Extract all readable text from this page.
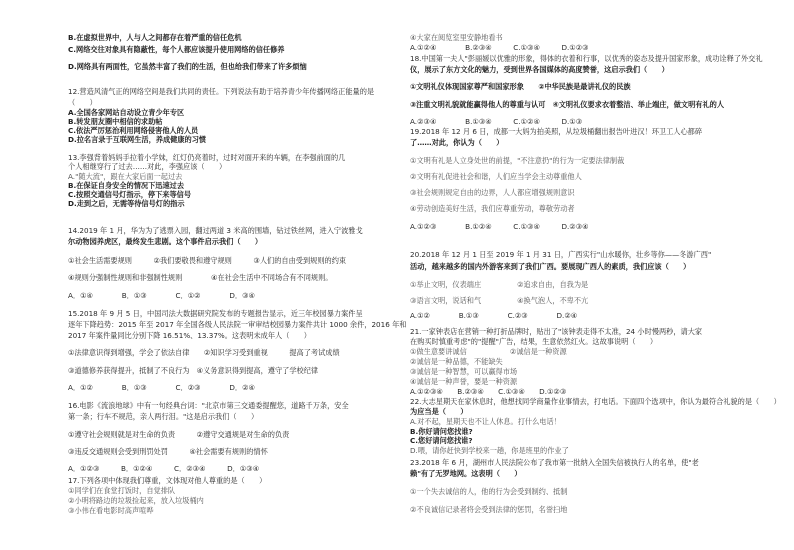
B.在虚拟世界中，人与人之间都存在着严重的信任危机
C.网络交往对象具有隐蔽性，每个人都应该提升使用网络的信任修养
D.网络具有两面性，它虽然丰富了我们的生活，但也给我们带来了许多烦恼
12.营造风清气正的网络空间是我们共同的责任。下列说法有助于培养青少年传播网络正能量的是
（　　）
A.全国各家网站自动设立青少年专区
B.转发朋友圈中相信的求助帖
C.依法严厉惩治利用网络侵害他人的人员
D.拉名言录于互联网生活，养成健康的习惯
13.李强背着妈妈手拉着小学妹，红灯仍亮着时，过时对面开来的车辆，在李强前面的几
个人相继穿行了过去……对此，李强应该（　　）
A."随大流"，跟在大家后面一起过去
B.在保证自身安全的情况下迅速过去
C.按照交通信号灯指示，停下来等信号
D.走到之后，无需等待信号灯的指示
14.2019 年 1 月，华为为了逃票入园，翻过两道 3 米高的围墙，钻过铁丝网，进入宁波雅戈
尔动物园养虎区，最终发生悲剧。这个事件启示我们（　　）
①社会生活需要规则　　　②我们要敬畏和遵守规则　　　③人们的自由受到规则的约束
④规则分强制性规则和非强制性规则　　　　④在社会生活中不同场合有不同规则。
A．①④　　　　B．①③　　　　C．①②　　　　D．③④
15.2018 年 9 月 5 日，中国司法大数据研究院发布的专题报告显示，近三年校园暴力案件呈
逐年下降趋势：2015 年至 2017 年全国各级人民法院一审审结校园暴力案件共计 1000 余件，2016 年和
2017 年案件量同比分别下降 16.51%、13.37%。这表明未成年人（　　）
①法律意识得到增强，学会了依法自律　　②知识学习受到重视　　　提高了考试成绩
③道德修养获得提升，抵制了不良行为　④义务意识得到提高，遵守了学校纪律
A．①②　　　　B．①③　　　　C．②③　　　　D．②④
16.电影《流浪地球》中有一句经典台词："北京市第三交通委提醒您，道路千万条，安全
第一条；行车不规范，亲人两行泪。"这是启示我们（　　）
①遵守社会规则就是对生命的负责　　　②遵守交通规是对生命的负责
③违反交通规则会受到刑罚处罚　　　④社会需要有规则的情怀
A．①②③　　　B．①②④　　　C．②③④　　　D．①③④
17.下列各项中体现我们尊重，文体现对他人尊重的是（　　）
①同学们在食堂打饭时，自觉排队
②小明将路边的垃圾捡起来，放入垃圾桶内
③小伟在看电影时高声喧哗
④大家在阅览室里安静地看书
A.①②④　　　　B.②③④　　　C.①③④　　　D.①②③
18.中国第一夫人"彭丽媛以优雅的形象，得体的衣着和行事，以优秀的姿态及提升国家形象，成功诠释了外交礼
仪，展示了东方文化的魅力，受到世界各国媒体的高度赞誉，这启示我们（　　）
①文明礼仪体现国家尊严和国家形象　　②中华民族是最讲礼仪的民族
③注重文明礼貌就能赢得他人的尊重与认可　④文明礼仪要求衣着整洁、举止端庄，做文明有礼的人
A.②③④　　　　B.①③④　　　C.①②④　　　D.①③
19.2018 年 12 月 6 日，成都一大妈为拍美照，从垃圾桶翻出报告叶进汉！环卫工人心都碎
了……对此，你认为（　　）
①文明有礼是人立身处世的前提，"不注意扔"的行为一定要法律制裁
②文明有礼促进社会和谐，人们应当学会主动尊重他人
③社会规则规定自由的边界，人人都应增强规则意识
④劳动创造美好生活，我们应尊重劳动，尊敬劳动者
A.①②③　　　　B.①②④　　　C.①③④　　　D.②③④
20.2018 年 12 月 1 日至 2019 年 1 月 31 日，广西实行"山水暖你，壮乡等你——冬游广西"
活动，越来越多的国内外游客来到了我们广西。要展现广西人的素质，我们应该（　　）
①举止文明，仪表端庄　　　　　②追求自由，自我为是
③语言文明，说话和气　　　　　④换气泡人，不卑不亢
A.①②　　　　B.①③　　　　C.②③　　　　D.②④
21.一家钟表店在营销一种打折品牌时，贴出了"该钟表走得不太准，24 小时慢两秒，请大家
在购买时慎重考虑"的"提醒"广告，结果，生意依然红火。这故事说明（　　）
①做生意要讲诚信　　　　　　②诚信是一种资源
②诚信是一种品德，不能缺失
③诚信是一种智慧，可以赢得市场
④诚信是一种声誉，要是一种资源
A.①②③④　　B.②③④　　C.①③④　　D.①②③
22.大志星期天在家休息时，他想找同学商量作业事情去，打电话。下面四个选项中，你认为最符合礼貌的是（　　）
为应当是（　　）
A.对不起，星期天也不让人休息。打什么电话！
B.你好请问您找谁?
C.您好请问您找谁?
D.喂，请你赶快到学校来一趟，你是班里的作业了
23.2018 年 6 月，湖州市人民法院公布了我市第一批纳入全国失信被执行人的名单，使"老
赖"有了无罗地网。这表明（　　）
①一个失去诚信的人，他的行为会受到制约、抵制
②不良诚信记录者将会受到法律的惩罚，名誉扫地
